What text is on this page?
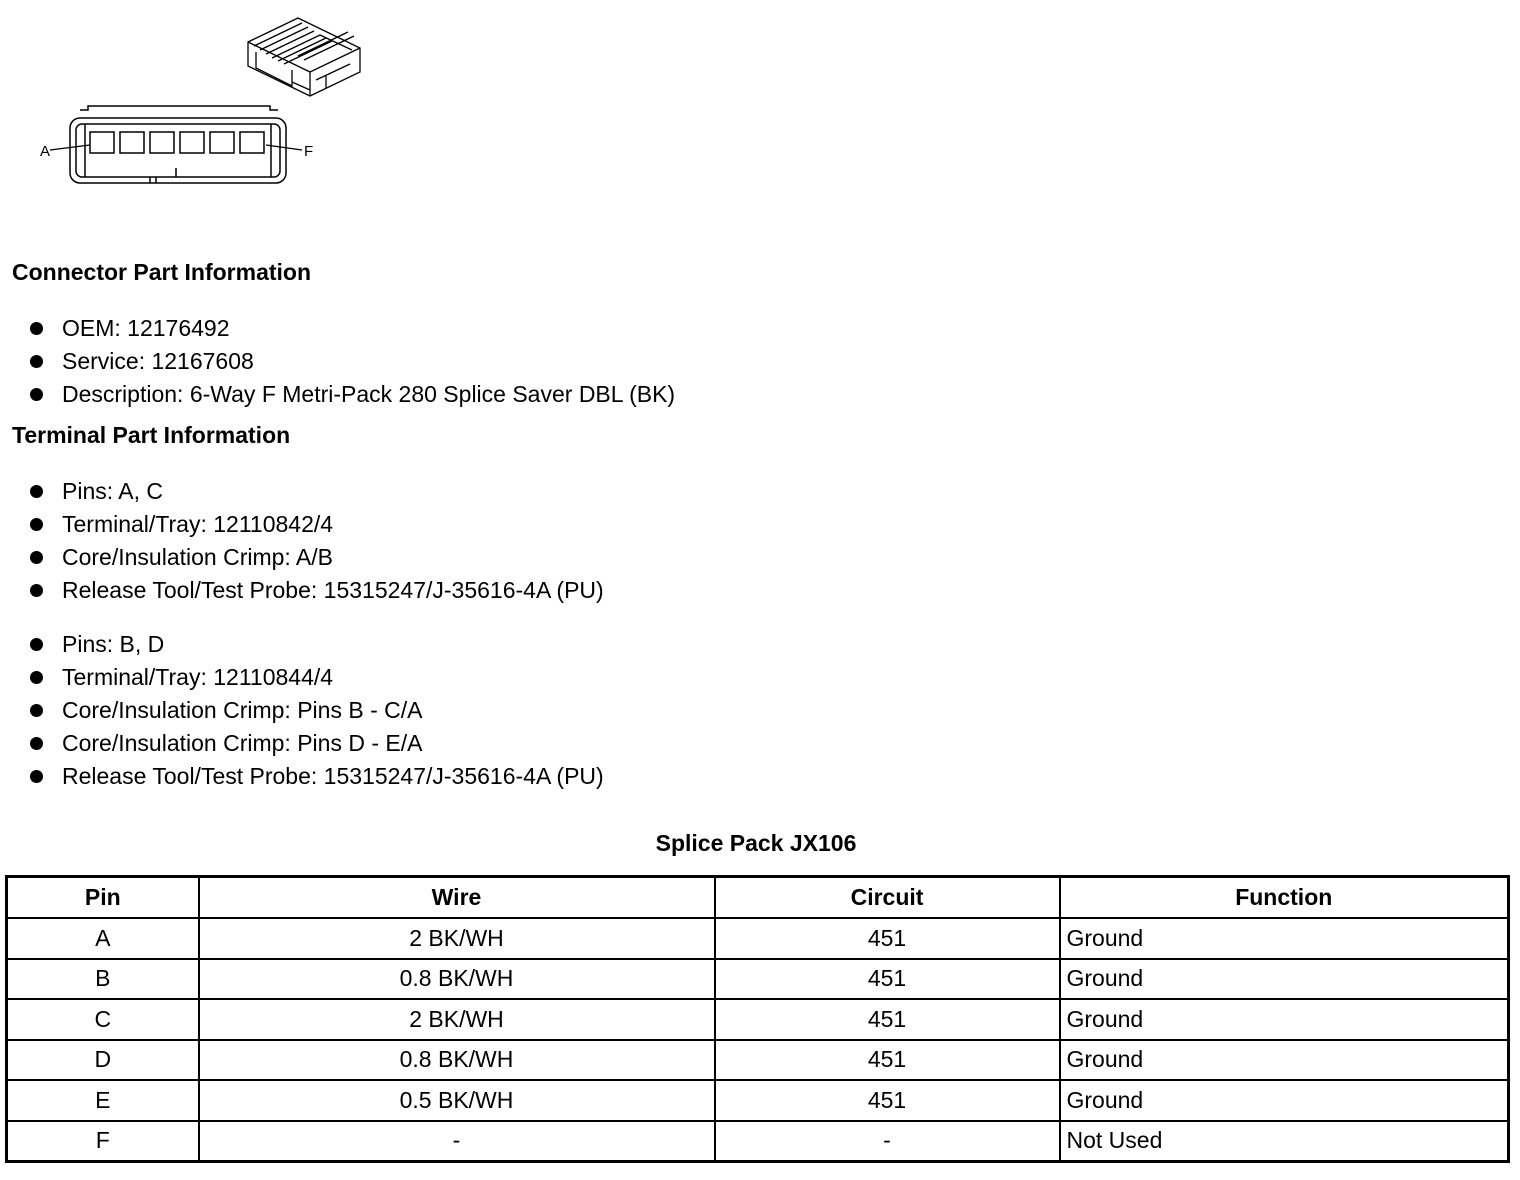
A	F
Connector Part Information
OEM: 12176492
Service: 12167608
Description: 6-Way F Metri-Pack 280 Splice Saver DBL (BK)
Terminal Part Information
Pins: A, C
Terminal/Tray: 12110842/4
Core/Insulation Crimp: A/B
Release Tool/Test Probe: 15315247/J-35616-4A (PU)
Pins: B, D
Terminal/Tray: 12110844/4
Core/Insulation Crimp: Pins B - C/A
Core/Insulation Crimp: Pins D - E/A
Release Tool/Test Probe: 15315247/J-35616-4A (PU)
Splice Pack JX106
Pin	Wire	Circuit	Function
A	2 BK/WH	451	Ground
B	0.8 BK/WH	451	Ground
C	2 BK/WH	451	Ground
D	0.8 BK/WH	451	Ground
E	0.5 BK/WH	451	Ground
F	-	-	Not Used
